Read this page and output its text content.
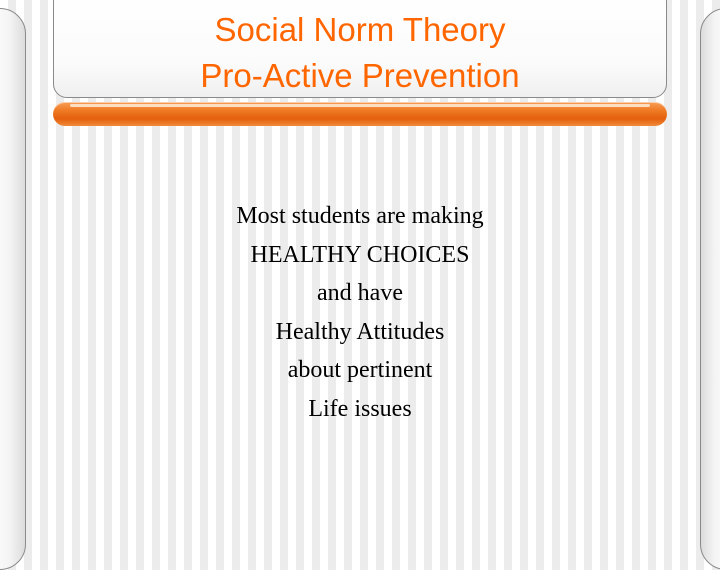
Social Norm Theory
Pro-Active Prevention
Most students are making
HEALTHY CHOICES
and have
Healthy Attitudes
about pertinent
Life issues
